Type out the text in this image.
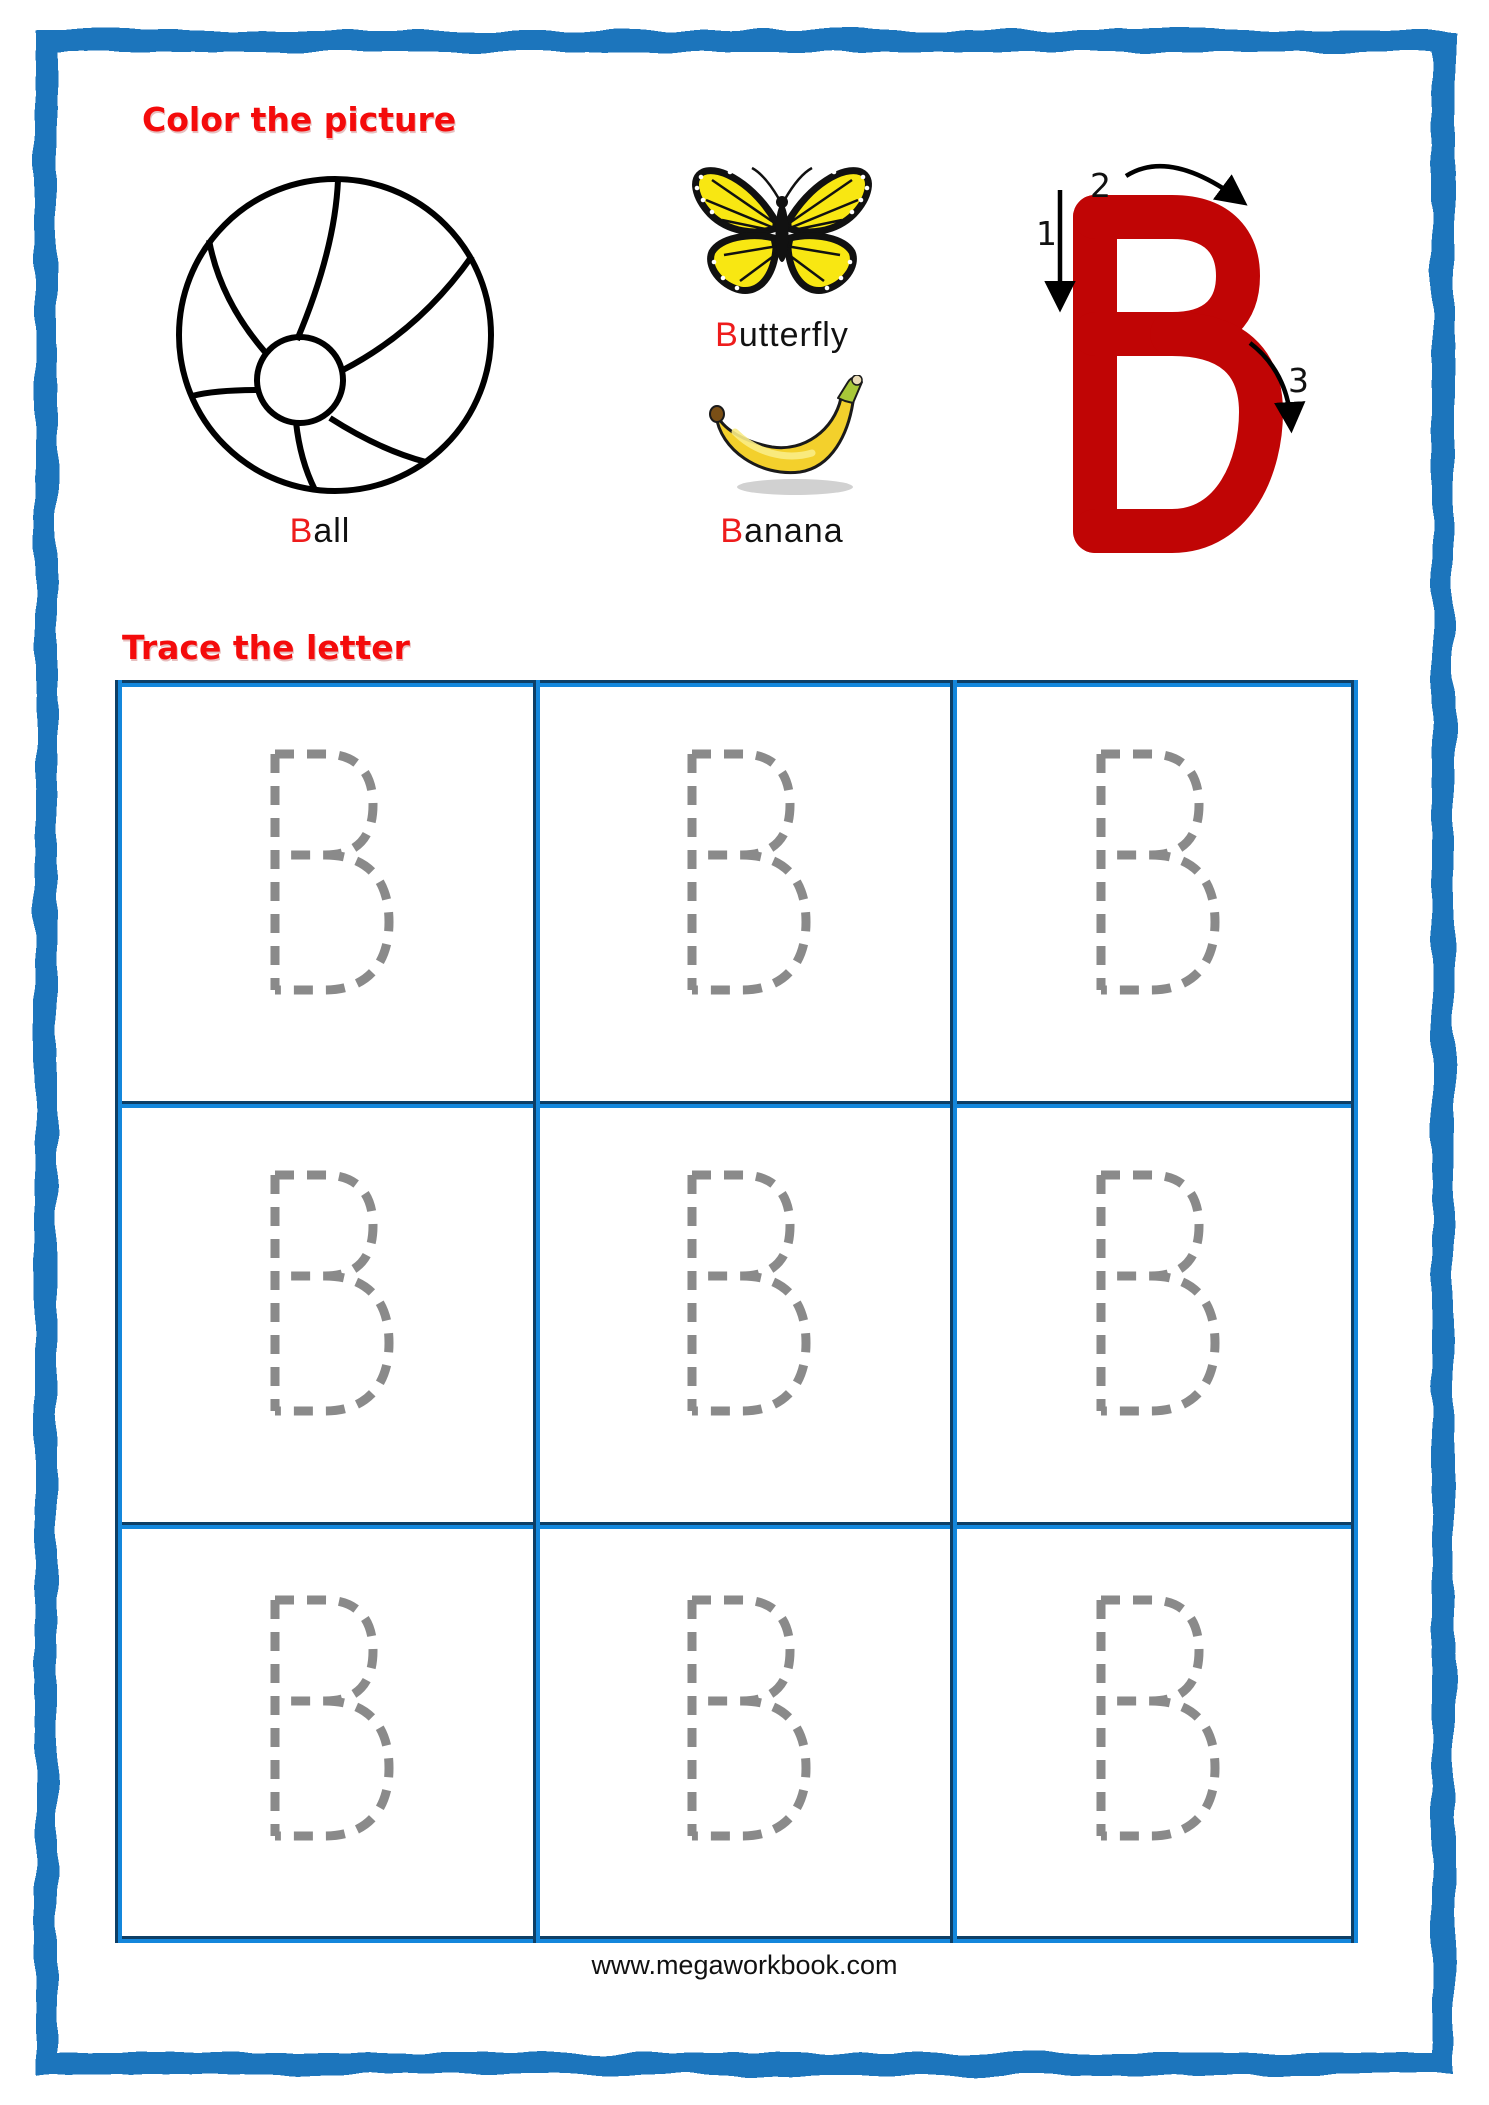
Color the picture
Ball
Butterfly
Banana
1
2
3
Trace the letter
www.megaworkbook.com
